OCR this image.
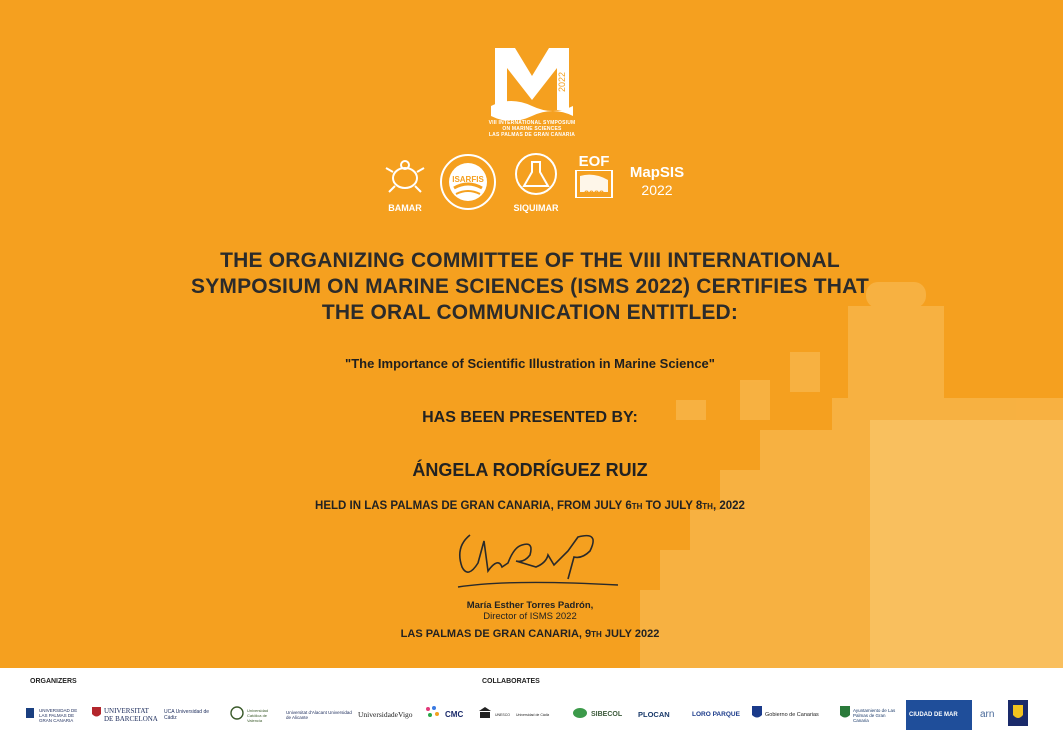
2022
VIII INTERNATIONAL SYMPOSIUM
ON MARINE SCIENCES
LAS PALMAS DE GRAN CANARIA
BAMAR
ISARFIS
SIQUIMAR
EOF
2022
MapSIS
2022
THE ORGANIZING COMMITTEE OF THE VIII INTERNATIONAL
SYMPOSIUM ON MARINE SCIENCES (ISMS 2022) CERTIFIES THAT
THE ORAL COMMUNICATION ENTITLED:
"The Importance of Scientific Illustration in Marine Science"
HAS BEEN PRESENTED BY:
ÁNGELA RODRÍGUEZ RUIZ
HELD IN LAS PALMAS DE GRAN CANARIA, FROM JULY 6TH TO JULY 8TH, 2022
María Esther Torres Padrón,
Director of ISMS 2022
LAS PALMAS DE GRAN CANARIA, 9TH JULY 2022
ORGANIZERS	COLLABORATES
UNIVERSIDAD DE LAS PALMAS DE GRAN CANARIA
UNIVERSITAT DE BARCELONA
UCA Universidad de Cádiz
Universidad Católica de Valencia
Universitat d'Alacant Universidad de Alicante	UniversidadeVigo	CMC	UNESCO Universidad de Cádiz	SIBECOL PLOCAN	LORO PARQUE	Gobierno de Canarias
Ayuntamiento de Las Palmas de Gran Canaria
CIUDAD DE MAR arn
